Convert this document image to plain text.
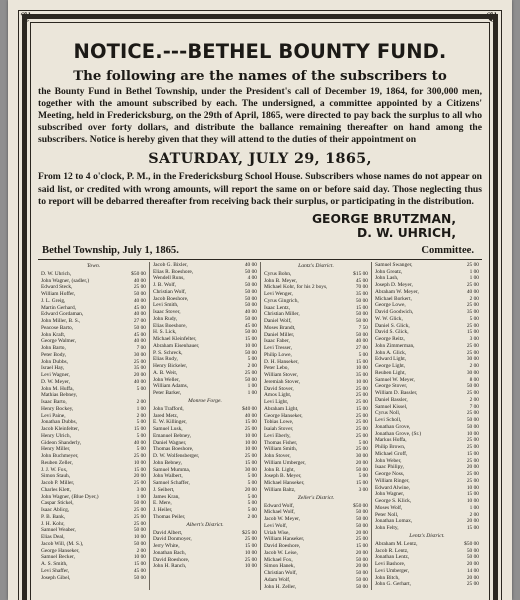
❦	❦
NOTICE.---BETHEL BOUNTY FUND.
The following are the names of the subscribers to

the Bounty Fund in Bethel Township, under the President's call of December 19, 1864, for 300,000 men, together with the amount subscribed by each. The undersigned, a committee appointed by a Citizens' Meeting, held in Fredericksburg, on the 29th of April, 1865, were directed to pay back the surplus to all who subscribed over forty dollars, and distribute the ballance remaining thereafter on hand among the subscribers. Notice is hereby given that they will attend to the duties of their appointment on

SATURDAY, JULY 29, 1865,

From 12 to 4 o'clock, P. M., in the Fredericksburg School House. Subscribers whose names do not appear on said list, or credited with wrong amounts, will report the same on or before said day. Those neglecting thus to report will be debarred thereafter from receiving back their surplus, or participating in the distribution.

GEORGE BRUTZMAN,
D. W. UHRICH,
Bethel Township, July 1, 1865.	Committee.
Town.
D. W. Uhrich,	$50 00
John Wagner, (sadler,)	40 00
Edward Steck,	25 00
William Hoffer,	50 00
J. L. Greig,	40 00
Martin Gerhard,	45 00
Edward Gordaman,	40 00
John Miller, B. S.,	27 00
Peacose Barto,	50 00
John Kraft,	45 00
George Walmer,	40 00
John Barto,	7 00
Peter Body,	30 00
John Dubbs,	25 00
Israel Hay,	35 00
Levi Wagner,	20 00
D. W. Meyer,	40 00
John M. Huffa,	5 00
Mathias Bebney,
Isaac Barto,	2 00
Henry Bockey,	1 00
Levi Paine,	2 00
Jonathan Dubbs,	5 00
Jacob Kleinfelter,	15 00
Henry Ulrich,	5 00
Gideon Shanderly,	40 00
Henry Miller,	5 00
John Buchmeyer,	25 00
Reuben Zeller,	10 00
J. J. W. Fox,	15 00
Simon Stauh,	20 00
Jacob P. Miller,	25 00
Charles Klett,	3 00
John Wagner, (Blue Dyer,)	1 00
Caspar Stickel,	50 00
Isaac Ablicg,	25 00
P. B. Bank,	25 00
J. H. Kohr,	25 00
Samuel Weaber,	50 00
Elias Deal,	10 00
Jacob Will, (M. S.),	50 00
George Hanseker,	2 00
Samuel Becker,	10 00
A. S. Smith,	15 00
Levi Shaffer,	45 00
Joseph Gibel,	50 00
Jacob G. Bixler,	40 00
Elias R. Boeshore,	50 00
Wendell Runs,	4 00
J. B. Wolf,	50 00
Christian Wolf,	50 00
Jacob Boeshore,	50 00
Levi Smith,	50 00
Isaac Stover,	40 00
John Rudy,	50 00
Elias Boeshore,	45 00
H. S. Lick,	50 00
Michael Kleinfelter,	15 00
Abraham Eisenhauer,	10 00
P. S. Schreck,	50 00
Elias Rudy,	5 00
Henry Bickeler,	2 00
A. B. Weit,	25 00
John Weller,	50 00
William Adams,	1 00
Peter Barker,	1 00
Monroe Forge.
John Trafford,	$40 00
Jared Metz,	40 00
E. W. Killinger,	15 00
Samuel Lusk,	25 00
Emanuel Bebney,	10 00
Daniel Wagner,	10 00
Thomas Boeshore,	10 00
D. W. Wolfensberger,	25 00
John Bebney,	15 00
Samuel Mumma,	30 00
John Walbert,	5 00
Samuel Schaffer,	5 00
J. Seibert,	20 00
James Kran,	5 00
E. Mere,	5 00
J. Heiler,	5 00
Thomas Peiler,	2 00
Albert's District.
David Albert,	$25 00
David Donmoyer,	25 00
Jerry White,	15 00
Jonathan Bach,	10 00
David Boeshore,	25 00
John H. Ranch,	10 00
Lantz's District.
Cyrus Bohn,	$15 00
John B. Meyer,	45 00
Michael Kohr, for his 2 boys,	70 00
Levi Wenger,	35 00
Cyrus Gingrich,	50 00
Isaac Lentz,	15 00
Christian Miller,	50 00
Daniel Wolf,	50 00
Moses Brandt,	7 50
Daniel Miller,	50 00
Isaac Faber,	40 00
Levi Tresser,	27 00
Philip Lowe,	5 00
D. H. Hanseker,	15 00
Peter Lebo,	10 00
William Stover,	35 00
Jeremiah Stover,	10 00
David Stover,	25 00
Amos Light,	25 00
Levi Light,	25 00
Abraham Light,	15 00
George Hanseker,	25 00
Tobias Lowe,	25 00
Isaiah Stover,	25 00
Levi Eberly,	25 00
Thomas Fisher,	5 00
William Smith,	25 00
John Stover,	30 00
William Umberger,	20 00
John B. Light,	50 00
Joseph B. Meyer,	5 00
Michael Hanseker,	15 00
William Baltz,	3 00
Zeller's District.
Edward Wolf,	$50 00
Michael Wolf,	50 00
Jacob W. Meyer,	50 00
Levi Wolf,	50 00
Uriah Wise,	20 00
William Hanseker,	25 00
David Boeshore,	15 00
Jacob W. Leise,	20 00
Michael Fox,	50 00
Simon Hanek,	20 00
Christian Wolf,	50 00
Adam Wolf,	50 00
John H. Zeller,	50 00
Samuel Swanger,	25 00
John Greatz,	1 00
John Lash,	1 00
Joseph D. Meyer,	25 00
Abraham W. Meyer,	40 00
Michael Borkert,	2 00
George Lowe,	25 00
David Goodwich,	35 00
W. W. Glick,	5 00
Daniel S. Glick,	25 00
David S. Glick,	15 00
George Reitz,	3 00
John Zimmerman,	25 00
John A. Glick,	25 00
Edward Light,	30 00
George Light,	2 00
Reuben Light,	30 00
Samuel W. Meyer,	8 00
George Stover,	50 00
William D. Bassler,	25 00
Daniel Bassler,	2 00
Samuel Kissel,	7 00
Cyrus Noll,	25 00
Levi Scholl,	50 00
Jonathan Grove,	50 00
Jonathan Grove, (Sr.)	10 00
Markus Hoffa,	25 00
Philip Brown,	25 00
Michael Groff,	15 00
John Weber,	25 00
Isaac Philipy,	20 00
George Noss,	25 00
William Ringer,	25 00
Edward Alwine,	10 00
John Wagner,	15 00
George S. Klick,	10 00
Moses Wolf,	1 00
Peter Noll,	2 00
Jonathan Lomax,	20 00
John Felty,	15 00
Lentz's District.
Abraham M. Lentz,	$50 00
Jacob R. Lentz,	50 00
Jonathan Lentz,	50 00
Levi Bashore,	20 00
Levi Umberger,	14 00
John Bitch,	20 00
John G. Gerhart,	25 00
